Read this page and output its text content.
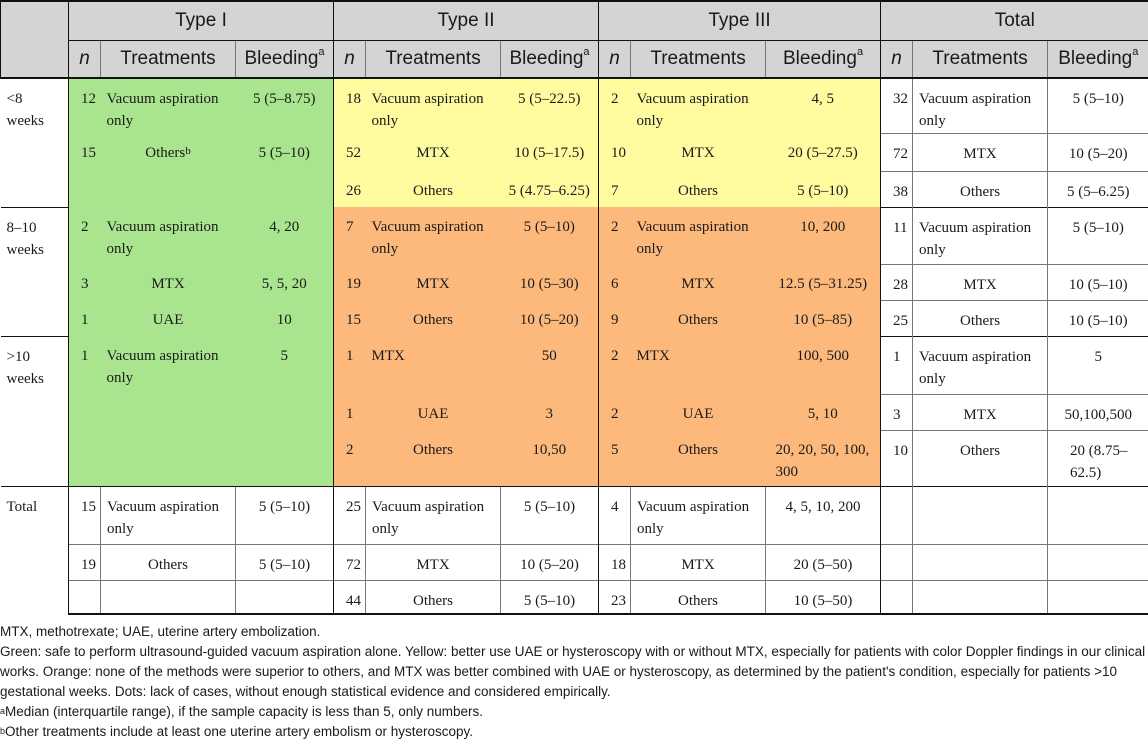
	Type I			Type II			Type III			Total		
	n	Treatments	Bleeding$^a$	n	Treatments	Bleeding$^a$	n	Treatments	Bleeding$^a$	n	Treatments	Bleeding$^a$

<8 weeks	12	Vacuum aspiration only	5 (5–8.75)	18	Vacuum aspiration only	5 (5–22.5)	2	Vacuum aspiration only	4, 5	32	Vacuum aspiration only	5 (5–10)

	15	Others$^b$	5 (5–10)	52	MTX	10 (5–17.5)	10	MTX	20 (5–27.5)	72	MTX	10 (5–20)

				26	Others	5 (4.75–6.25)	7	Others	5 (5–10)	38	Others	5 (5–6.25)

8–10 weeks	2	Vacuum aspiration only	4, 20	7	Vacuum aspiration only	5 (5–10)	2	Vacuum aspiration only	10, 200	11	Vacuum aspiration only	5 (5–10)

	3	MTX	5, 5, 20	19	MTX	10 (5–30)	6	MTX	12.5 (5–31.25)	28	MTX	10 (5–10)

	1	UAE	10	15	Others	10 (5–20)	9	Others	10 (5–85)	25	Others	10 (5–10)

>10 weeks	1	Vacuum aspiration only	5	1	MTX	50	2	MTX	100, 500	1	Vacuum aspiration only	5

				1	UAE	3	2	UAE	5, 10	3	MTX	50,100,500

				2	Others	10,50	5	Others	20, 20, 50, 100, 300	10	Others	20 (8.75–62.5)

Total	15	Vacuum aspiration only	5 (5–10)	25	Vacuum aspiration only	5 (5–10)	4	Vacuum aspiration only	4, 5, 10, 200			

	19	Others	5 (5–10)	72	MTX	10 (5–20)	18	MTX	20 (5–50)			

				44	Others	5 (5–10)	23	Others	10 (5–50)			

MTX, methotrexate; UAE, uterine artery embolization.

Green: safe to perform ultrasound-guided vacuum aspiration alone. Yellow: better use UAE or hysteroscopy with or without MTX, especially for patients with color Doppler findings in our clinical works. Orange: none of the methods were superior to others, and MTX was better combined with UAE or hysteroscopy, as determined by the patient's condition, especially for patients >10 gestational weeks. Dots: lack of cases, without enough statistical evidence and considered empirically.

$^a$Median (interquartile range), if the sample capacity is less than 5, only numbers.

$^b$Other treatments include at least one uterine artery embolism or hysteroscopy.
